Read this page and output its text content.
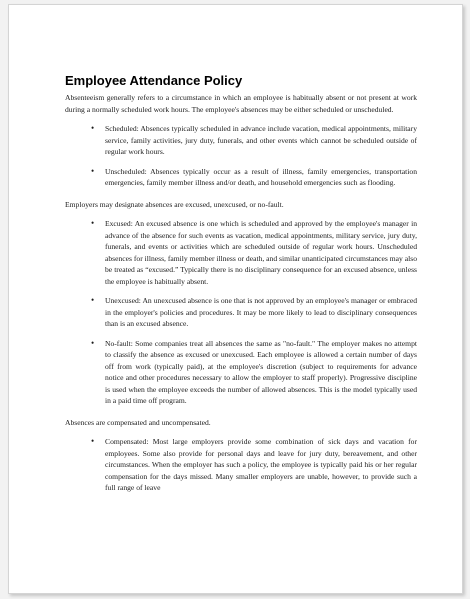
Employee Attendance Policy

Absenteeism generally refers to a circumstance in which an employee is habitually absent or not present at work during a normally scheduled work hours. The employee's absences may be either scheduled or unscheduled.

• Scheduled: Absences typically scheduled in advance include vacation, medical appointments, military service, family activities, jury duty, funerals, and other events which cannot be scheduled outside of regular work hours.
• Unscheduled: Absences typically occur as a result of illness, family emergencies, transportation emergencies, family member illness and/or death, and household emergencies such as flooding.

Employers may designate absences are excused, unexcused, or no-fault.

• Excused: An excused absence is one which is scheduled and approved by the employee's manager in advance of the absence for such events as vacation, medical appointments, military service, jury duty, funerals, and events or activities which are scheduled outside of regular work hours. Unscheduled absences for illness, family member illness or death, and similar unanticipated circumstances may also be treated as “excused.” Typically there is no disciplinary consequence for an excused absence, unless the employee is habitually absent.
• Unexcused: An unexcused absence is one that is not approved by an employee's manager or embraced in the employer's policies and procedures. It may be more likely to lead to disciplinary consequences than is an excused absence.
• No-fault: Some companies treat all absences the same as "no-fault." The employer makes no attempt to classify the absence as excused or unexcused. Each employee is allowed a certain number of days off from work (typically paid), at the employee's discretion (subject to requirements for advance notice and other procedures necessary to allow the employer to staff properly). Progressive discipline is used when the employee exceeds the number of allowed absences. This is the model typically used in a paid time off program.

Absences are compensated and uncompensated.

• Compensated: Most large employers provide some combination of sick days and vacation for employees. Some also provide for personal days and leave for jury duty, bereavement, and other circumstances. When the employer has such a policy, the employee is typically paid his or her regular compensation for the days missed. Many smaller employers are unable, however, to provide such a full range of leave
